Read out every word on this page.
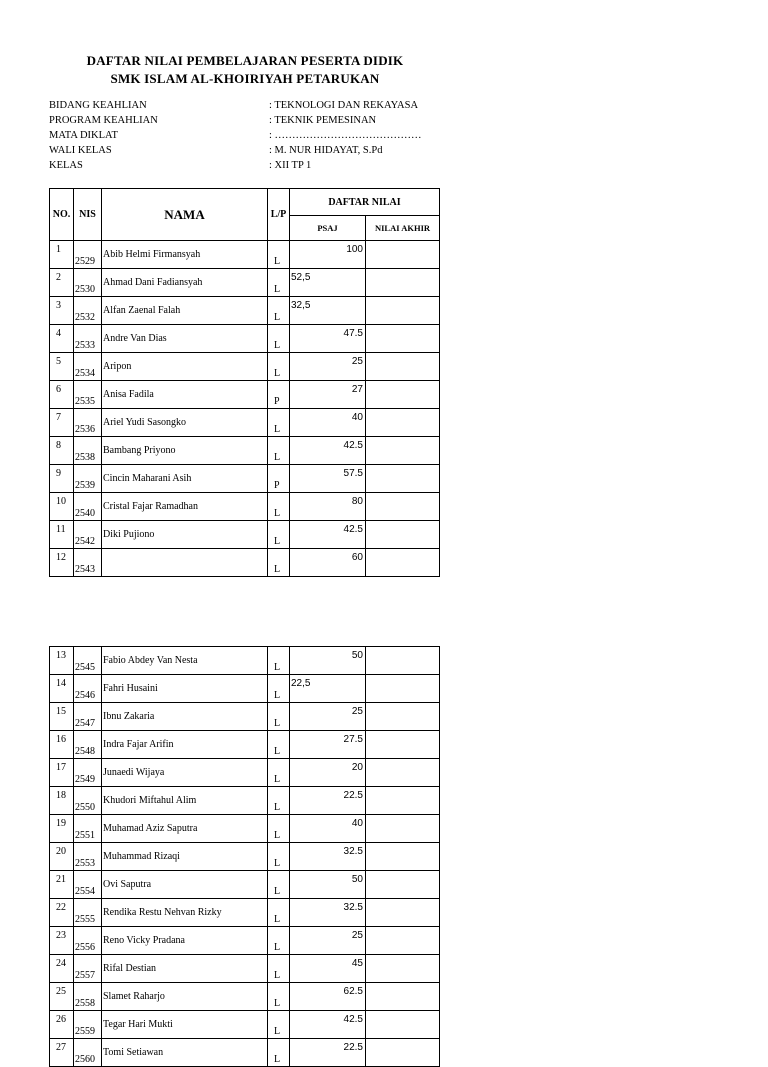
DAFTAR NILAI PEMBELAJARAN PESERTA DIDIK
SMK ISLAM AL-KHOIRIYAH PETARUKAN
BIDANG KEAHLIAN	: TEKNOLOGI DAN REKAYASA
PROGRAM KEAHLIAN	: TEKNIK PEMESINAN
MATA DIKLAT	: ……………………………………
WALI KELAS	: M. NUR HIDAYAT, S.Pd
KELAS	: XII TP 1
NO.	NIS	NAMA	L/P	DAFTAR NILAI	
				PSAJ	NILAI AKHIR
1	2529	Abib Helmi Firmansyah	L	100	
2	2530	Ahmad Dani Fadiansyah	L	52,5	
3	2532	Alfan Zaenal Falah	L	32,5	
4	2533	Andre Van Dias	L	47.5	
5	2534	Aripon	L	25	
6	2535	Anisa Fadila	P	27	
7	2536	Ariel Yudi Sasongko	L	40	
8	2538	Bambang Priyono	L	42.5	
9	2539	Cincin Maharani Asih	P	57.5	
10	2540	Cristal Fajar Ramadhan	L	80	
11	2542	Diki Pujiono	L	42.5	
12	2543		L	60	
13	2545	Fabio Abdey Van Nesta	L	50	
14	2546	Fahri Husaini	L	22,5	
15	2547	Ibnu Zakaria	L	25	
16	2548	Indra Fajar Arifin	L	27.5	
17	2549	Junaedi Wijaya	L	20	
18	2550	Khudori Miftahul Alim	L	22.5	
19	2551	Muhamad Aziz Saputra	L	40	
20	2553	Muhammad Rizaqi	L	32.5	
21	2554	Ovi Saputra	L	50	
22	2555	Rendika Restu Nehvan Rizky	L	32.5	
23	2556	Reno Vicky Pradana	L	25	
24	2557	Rifal Destian	L	45	
25	2558	Slamet Raharjo	L	62.5	
26	2559	Tegar Hari Mukti	L	42.5	
27	2560	Tomi Setiawan	L	22.5	
